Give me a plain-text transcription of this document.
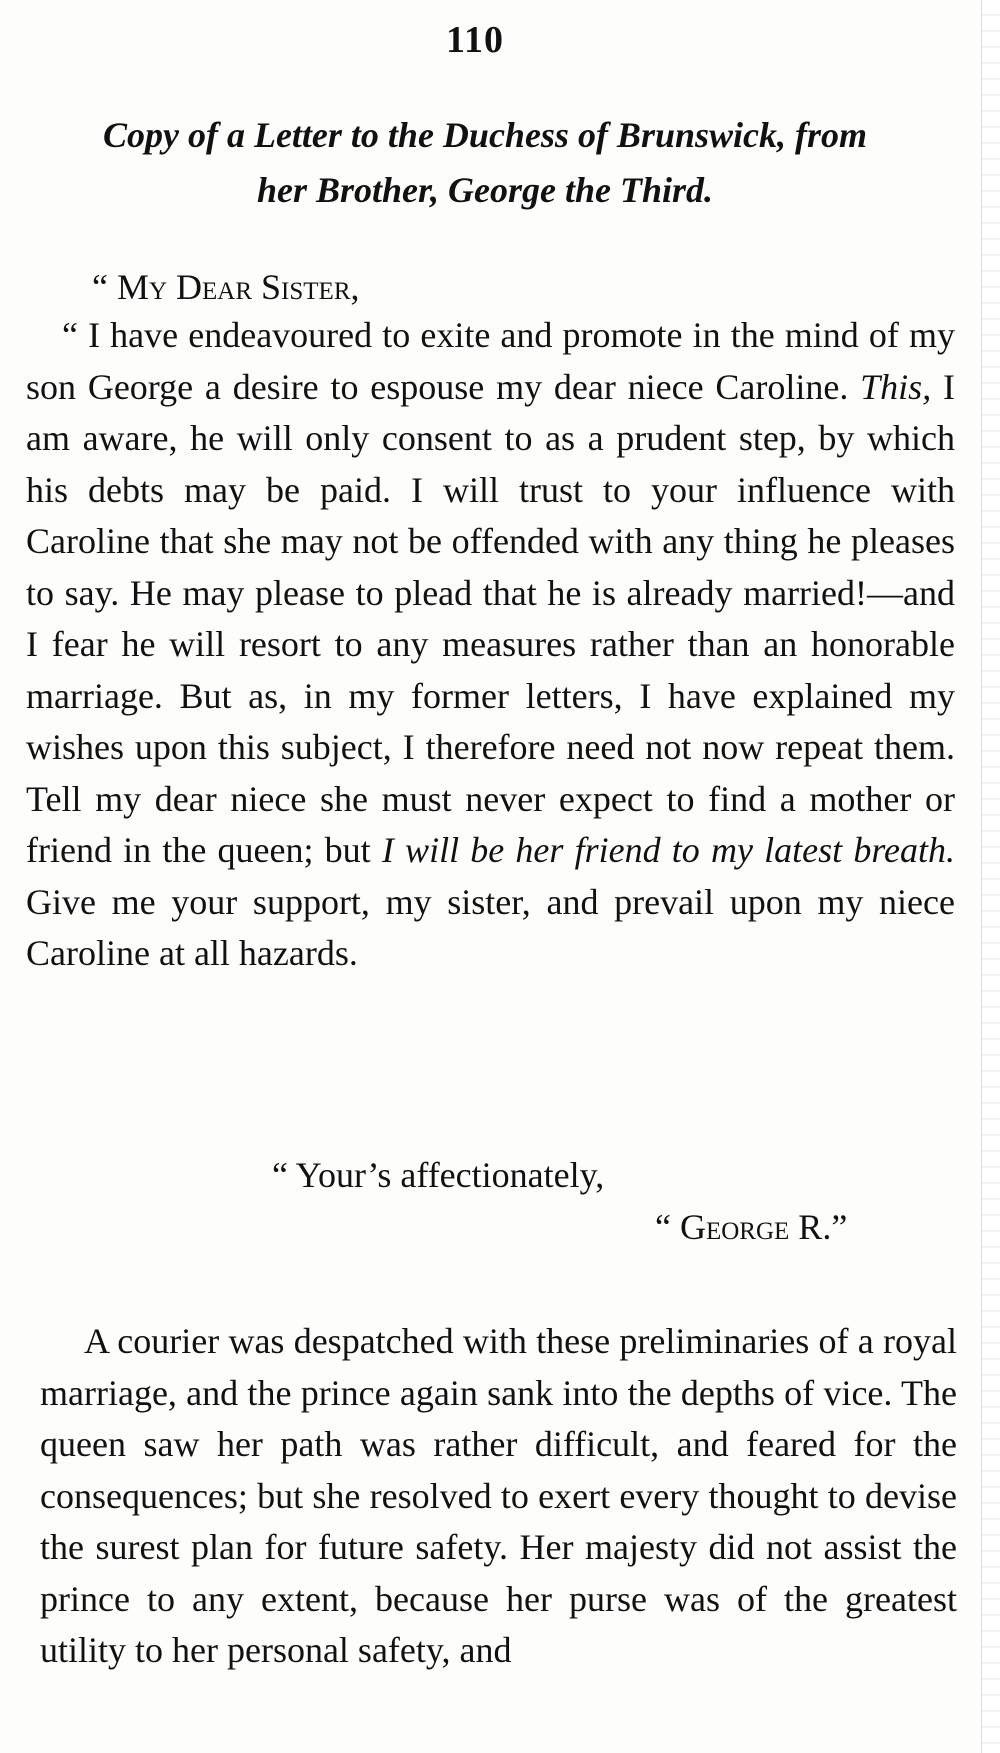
110
Copy of a Letter to the Duchess of Brunswick, from
her Brother, George the Third.
“ My Dear Sister,

“ I have endeavoured to exite and promote in the mind of my son George a desire to espouse my dear niece Caroline. This, I am aware, he will only consent to as a prudent step, by which his debts may be paid. I will trust to your influence with Caroline that she may not be offended with any thing he pleases to say. He may please to plead that he is already married!—and I fear he will resort to any measures rather than an honorable marriage. But as, in my former letters, I have explained my wishes upon this subject, I therefore need not now repeat them. Tell my dear niece she must never expect to find a mother or friend in the queen; but I will be her friend to my latest breath. Give me your support, my sister, and prevail upon my niece Caroline at all hazards.

“ Your’s affectionately,
“ George R.”

A courier was despatched with these preliminaries of a royal marriage, and the prince again sank into the depths of vice. The queen saw her path was rather difficult, and feared for the consequences; but she resolved to exert every thought to devise the surest plan for future safety. Her majesty did not assist the prince to any extent, because her purse was of the greatest utility to her personal safety, and
